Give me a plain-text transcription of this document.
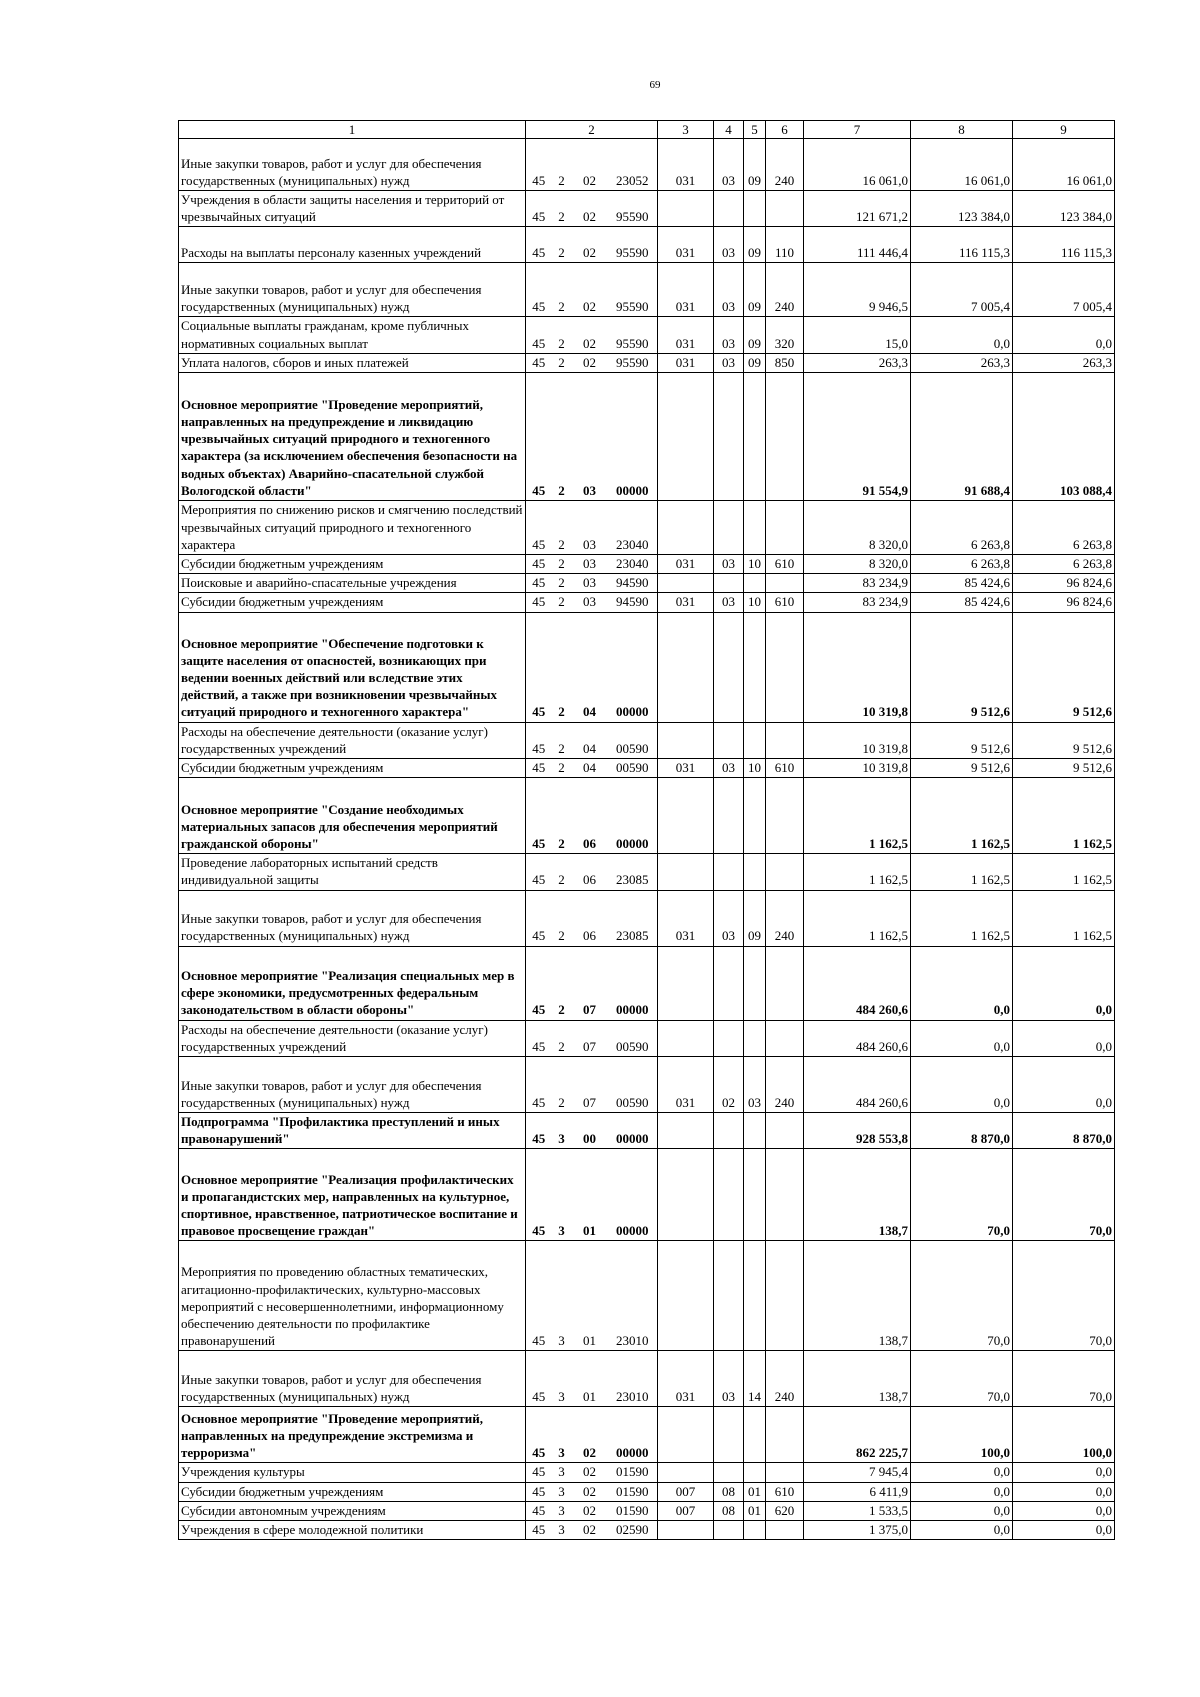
69
1	2				3	4	5	6	7	8	9
Иные закупки товаров, работ и услуг для обеспечения государственных (муниципальных) нужд	45	2	02	23052	031	03	09	240	16 061,0	16 061,0	16 061,0
Учреждения в области защиты населения и территорий от чрезвычайных ситуаций	45	2	02	95590					121 671,2	123 384,0	123 384,0
Расходы на выплаты персоналу казенных учреждений	45	2	02	95590	031	03	09	110	111 446,4	116 115,3	116 115,3
Иные закупки товаров, работ и услуг для обеспечения государственных (муниципальных) нужд	45	2	02	95590	031	03	09	240	9 946,5	7 005,4	7 005,4
Социальные выплаты гражданам, кроме публичных нормативных социальных выплат	45	2	02	95590	031	03	09	320	15,0	0,0	0,0
Уплата налогов, сборов и иных платежей	45	2	02	95590	031	03	09	850	263,3	263,3	263,3
Основное мероприятие "Проведение мероприятий, направленных на предупреждение и ликвидацию чрезвычайных ситуаций природного и техногенного характера (за исключением обеспечения безопасности на водных объектах) Аварийно-спасательной службой Вологодской области"	45	2	03	00000					91 554,9	91 688,4	103 088,4
Мероприятия по снижению рисков и смягчению последствий чрезвычайных ситуаций природного и техногенного характера	45	2	03	23040					8 320,0	6 263,8	6 263,8
Субсидии бюджетным учреждениям	45	2	03	23040	031	03	10	610	8 320,0	6 263,8	6 263,8
Поисковые и аварийно-спасательные учреждения	45	2	03	94590					83 234,9	85 424,6	96 824,6
Субсидии бюджетным учреждениям	45	2	03	94590	031	03	10	610	83 234,9	85 424,6	96 824,6
Основное мероприятие "Обеспечение подготовки к защите населения от опасностей, возникающих при ведении военных действий или вследствие этих действий, а также при возникновении чрезвычайных ситуаций природного и техногенного характера"	45	2	04	00000					10 319,8	9 512,6	9 512,6
Расходы на обеспечение деятельности (оказание услуг) государственных учреждений	45	2	04	00590					10 319,8	9 512,6	9 512,6
Субсидии бюджетным учреждениям	45	2	04	00590	031	03	10	610	10 319,8	9 512,6	9 512,6
Основное мероприятие "Создание необходимых материальных запасов для обеспечения мероприятий гражданской обороны"	45	2	06	00000					1 162,5	1 162,5	1 162,5
Проведение лабораторных испытаний средств индивидуальной защиты	45	2	06	23085					1 162,5	1 162,5	1 162,5
Иные закупки товаров, работ и услуг для обеспечения государственных (муниципальных) нужд	45	2	06	23085	031	03	09	240	1 162,5	1 162,5	1 162,5
Основное мероприятие "Реализация специальных мер в сфере экономики, предусмотренных федеральным законодательством в области обороны"	45	2	07	00000					484 260,6	0,0	0,0
Расходы на обеспечение деятельности (оказание услуг) государственных учреждений	45	2	07	00590					484 260,6	0,0	0,0
Иные закупки товаров, работ и услуг для обеспечения государственных (муниципальных) нужд	45	2	07	00590	031	02	03	240	484 260,6	0,0	0,0
Подпрограмма "Профилактика преступлений и иных правонарушений"	45	3	00	00000					928 553,8	8 870,0	8 870,0
Основное мероприятие "Реализация профилактических и пропагандистских мер, направленных на культурное, спортивное, нравственное, патриотическое воспитание и правовое просвещение граждан"	45	3	01	00000					138,7	70,0	70,0
Мероприятия по проведению областных тематических, агитационно-профилактических, культурно-массовых мероприятий с несовершеннолетними, информационному обеспечению деятельности по профилактике правонарушений	45	3	01	23010					138,7	70,0	70,0
Иные закупки товаров, работ и услуг для обеспечения государственных (муниципальных) нужд	45	3	01	23010	031	03	14	240	138,7	70,0	70,0
Основное мероприятие "Проведение мероприятий, направленных на предупреждение экстремизма и терроризма"	45	3	02	00000					862 225,7	100,0	100,0
Учреждения культуры	45	3	02	01590					7 945,4	0,0	0,0
Субсидии бюджетным учреждениям	45	3	02	01590	007	08	01	610	6 411,9	0,0	0,0
Субсидии автономным учреждениям	45	3	02	01590	007	08	01	620	1 533,5	0,0	0,0
Учреждения в сфере молодежной политики	45	3	02	02590					1 375,0	0,0	0,0
